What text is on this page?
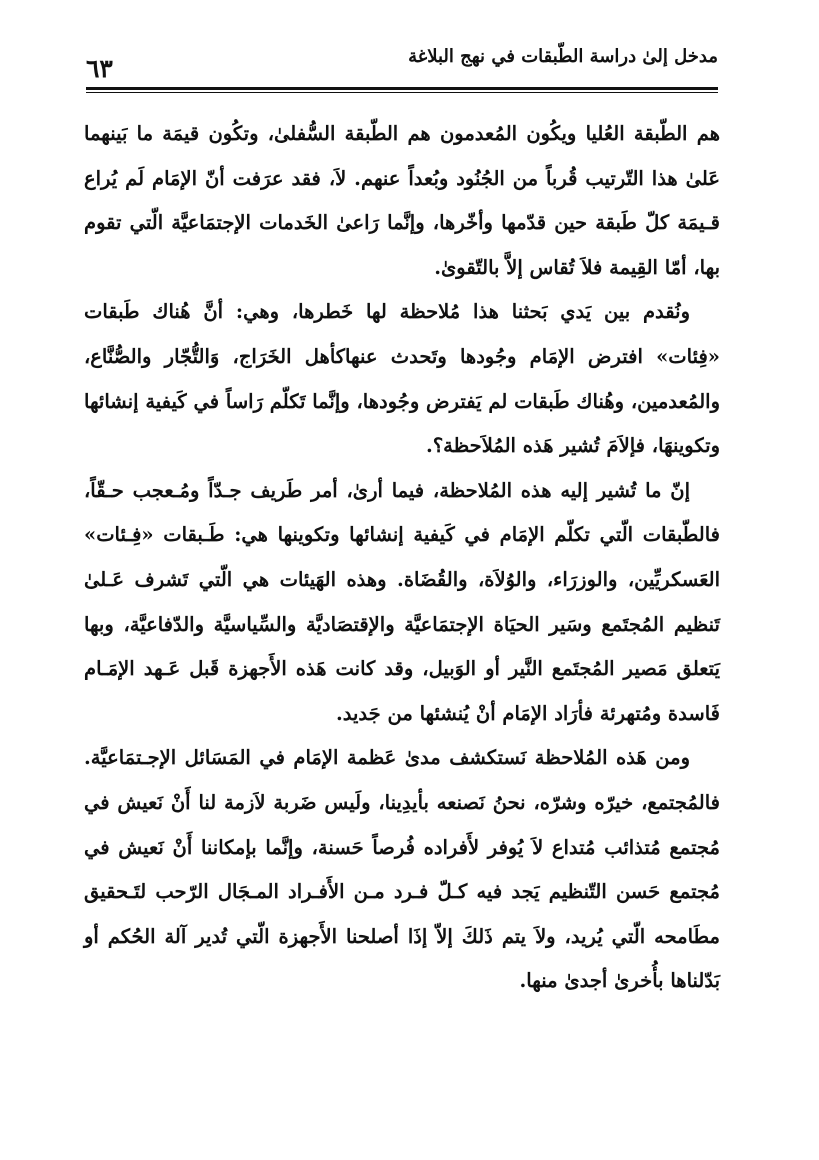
مدخل إلىٰ دراسة الطّبقات في نهج البلاغة
٦٣

هم الطّبقة العُليا ويكُون المُعدمون هم الطّبقة السُّفلىٰ، وتكُون قيمَة ما بَينهما عَلىٰ هذا التّرتيب قُرباً من الجُنُود وبُعداً عنهم. لاَ، فقد عرَفت أنّ الإمَام لَم يُراع قـيمَة كلّ طَبقة حين قدّمها وأخّرها، وإنَّما رَاعىٰ الخَدمات الإجتمَاعيَّة الّتي تقوم بها، أمّا القِيمة فلاَ تُقاس إلاَّ بالتّقوىٰ.

ونُقدم بين يَدي بَحثنا هذا مُلاحظة لها خَطرها، وهي: أنَّ هُناك طَبقات «فِئات» افترض الإمَام وجُودها وتَحدث عنهاكأهل الخَرَاج، وَالتُّجّار والصُّنَّاع، والمُعدمين، وهُناك طَبقات لم يَفترض وجُودها، وإنَّما تَكلّم رَاساً في كَيفية إنشائها وتكوينهَا، فإلاَمَ تُشير هَذه المُلاَحظة؟.

إنّ ما تُشير إليه هذه المُلاحظة، فيما أرىٰ، أمر طَريف جـدّاً ومُـعجب حـقّاً، فالطّبقات الّتي تكلّم الإمَام في كَيفية إنشائها وتكوينها هي: طَـبقات «فِـئات» العَسكريِّين، والوزرَاء، والوُلاَة، والقُضَاة. وهذه الهَيئات هي الّتي تَشرف عَـلىٰ تَنظيم المُجتَمع وسَير الحيَاة الإجتمَاعيَّة والإقتصَاديَّة والسِّياسيَّة والدّفاعيَّة، وبها يَتعلق مَصير المُجتَمع النَّير أو الوَبيل، وقد كانت هَذه الأَجهزة قَبل عَـهد الإمَـام فَاسدة ومُتهرئة فأرَاد الإمَام أنْ يُنشئها من جَديد.

ومن هَذه المُلاحظة نَستكشف مدىٰ عَظمة الإمَام في المَسَائل الإجـتمَاعيَّة. فالمُجتمع، خيرّه وشرّه، نحنُ نَصنعه بأيدِينا، ولَيس ضَربة لاَزمة لنا أَنْ نَعيش في مُجتمع مُتذائب مُتداع لاَ يُوفر لأَفراده فُرصاً حَسنة، وإنَّما بإمكاننا أَنْ نَعيش في مُجتمع حَسن التّنظيم يَجد فيه كـلّ فـرد مـن الأَفـراد المـجَال الرّحب لتَـحقيق مطَامحه الّتي يُريد، ولاَ يتم ذَلكَ إلاّ إذَا أصلحنا الأَجهزة الّتي تُدير آلة الحُكم أو بَدّلناها بأُخرىٰ أجدىٰ منها.
